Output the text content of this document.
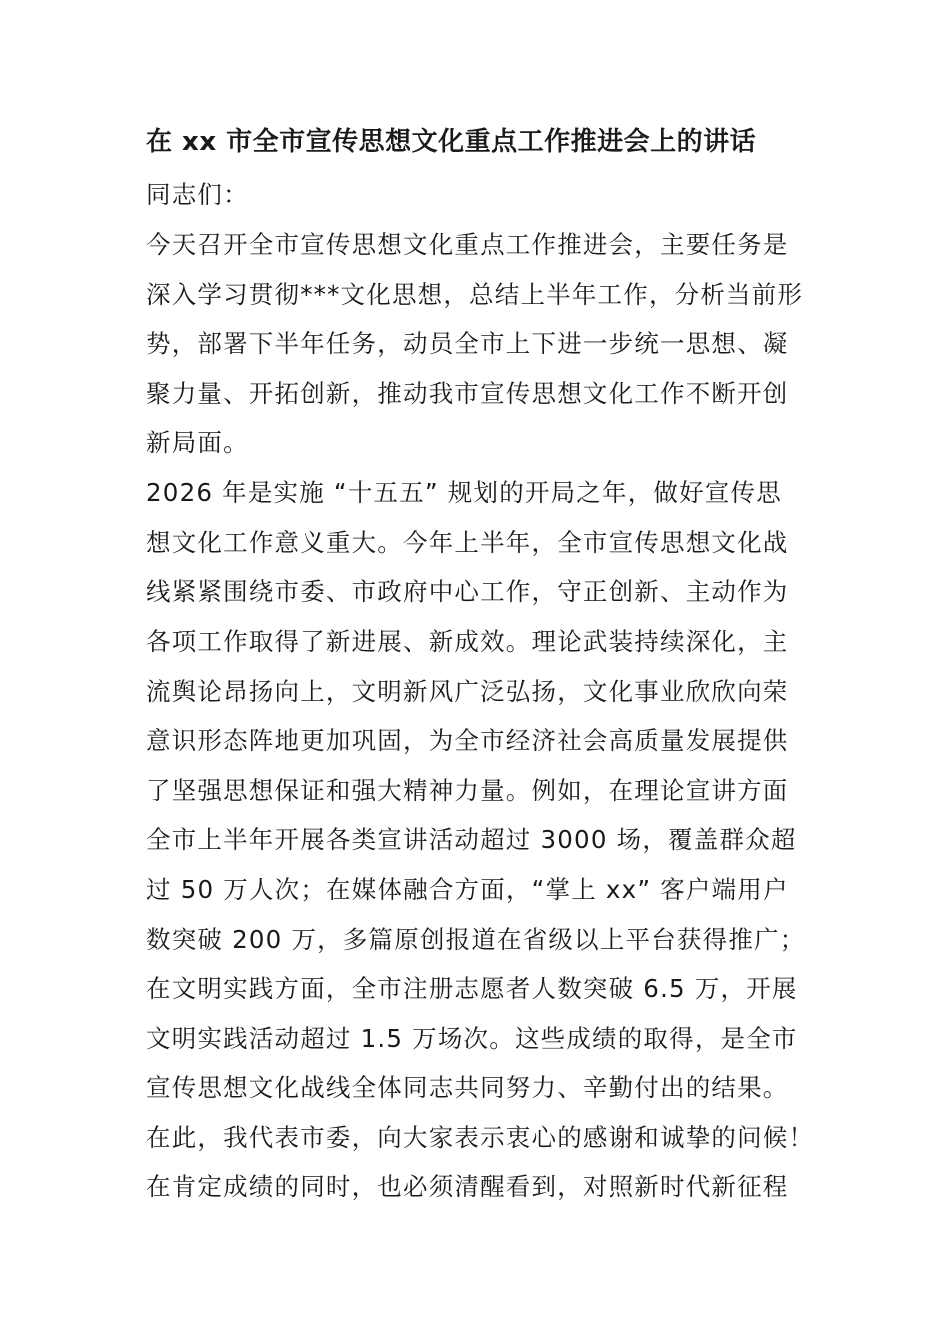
在 xx 市全市宣传思想文化重点工作推进会上的讲话
同志们：
今天召开全市宣传思想文化重点工作推进会，主要任务是
深入学习贯彻***文化思想，总结上半年工作，分析当前形
势，部署下半年任务，动员全市上下进一步统一思想、凝
聚力量、开拓创新，推动我市宣传思想文化工作不断开创
新局面。
2026 年是实施 “十五五” 规划的开局之年，做好宣传思
想文化工作意义重大。今年上半年，全市宣传思想文化战
线紧紧围绕市委、市政府中心工作，守正创新、主动作为
各项工作取得了新进展、新成效。理论武装持续深化，主
流舆论昂扬向上，文明新风广泛弘扬，文化事业欣欣向荣
意识形态阵地更加巩固，为全市经济社会高质量发展提供
了坚强思想保证和强大精神力量。例如，在理论宣讲方面
全市上半年开展各类宣讲活动超过 3000 场，覆盖群众超
过 50 万人次；在媒体融合方面，“掌上 xx” 客户端用户
数突破 200 万，多篇原创报道在省级以上平台获得推广；
在文明实践方面，全市注册志愿者人数突破 6.5 万，开展
文明实践活动超过 1.5 万场次。这些成绩的取得，是全市
宣传思想文化战线全体同志共同努力、辛勤付出的结果。
在此，我代表市委，向大家表示衷心的感谢和诚挚的问候！
在肯定成绩的同时，也必须清醒看到，对照新时代新征程
